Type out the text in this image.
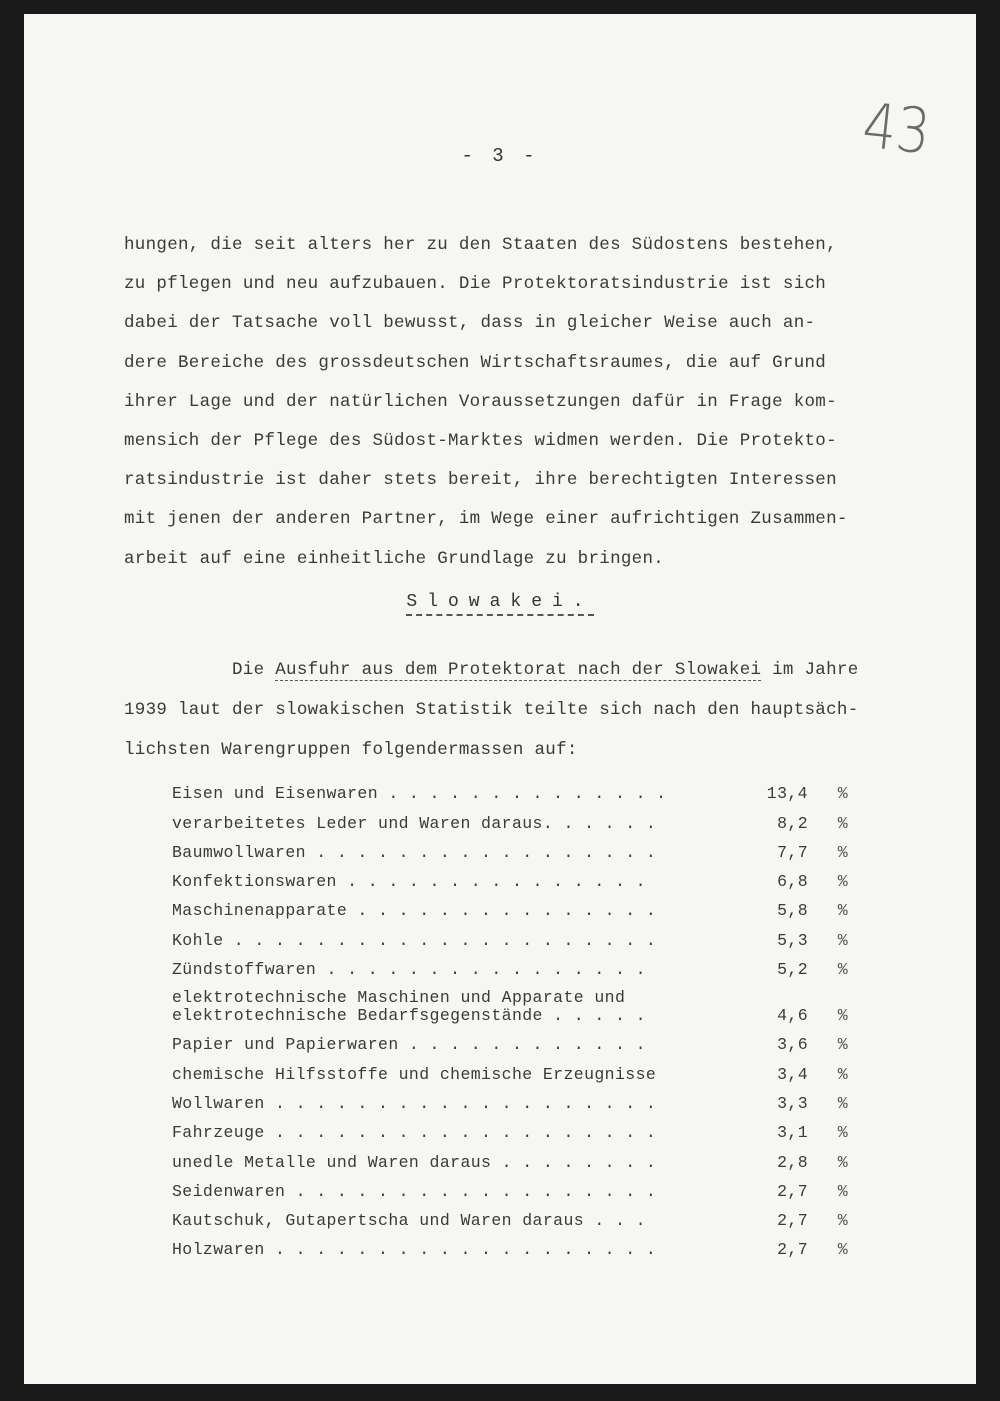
- 3 -	43
hungen, die seit alters her zu den Staaten des Südostens bestehen,
zu pflegen und neu aufzubauen. Die Protektoratsindustrie ist sich
dabei der Tatsache voll bewusst, dass in gleicher Weise auch an-
dere Bereiche des grossdeutschen Wirtschaftsraumes, die auf Grund
ihrer Lage und der natürlichen Voraussetzungen dafür in Frage kom-
mensich der Pflege des Südost-Marktes widmen werden. Die Protekto-
ratsindustrie ist daher stets bereit, ihre berechtigten Interessen
mit jenen der anderen Partner, im Wege einer aufrichtigen Zusammen-
arbeit auf eine einheitliche Grundlage zu bringen.
Slowakei.
Die Ausfuhr aus dem Protektorat nach der Slowakei im Jahre
1939 laut der slowakischen Statistik teilte sich nach den hauptsäch-
lichsten Warengruppen folgendermassen auf:
Eisen und Eisenwaren . . . . . . . . . . . . . .	13,4	%
verarbeitetes Leder und Waren daraus. . . . . .	8,2	%
Baumwollwaren . . . . . . . . . . . . . . . . .	7,7	%
Konfektionswaren . . . . . . . . . . . . . . .	6,8	%
Maschinenapparate . . . . . . . . . . . . . . .	5,8	%
Kohle . . . . . . . . . . . . . . . . . . . . .	5,3	%
Zündstoffwaren . . . . . . . . . . . . . . . .	5,2	%
elektrotechnische Maschinen und Apparate und
elektrotechnische Bedarfsgegenstände . . . . .	4,6	%
Papier und Papierwaren . . . . . . . . . . . .	3,6	%
chemische Hilfsstoffe und chemische Erzeugnisse	3,4	%
Wollwaren . . . . . . . . . . . . . . . . . . .	3,3	%
Fahrzeuge . . . . . . . . . . . . . . . . . . .	3,1	%
unedle Metalle und Waren daraus . . . . . . . .	2,8	%
Seidenwaren . . . . . . . . . . . . . . . . . .	2,7	%
Kautschuk, Gutapertscha und Waren daraus . . .	2,7	%
Holzwaren . . . . . . . . . . . . . . . . . . .	2,7	%
